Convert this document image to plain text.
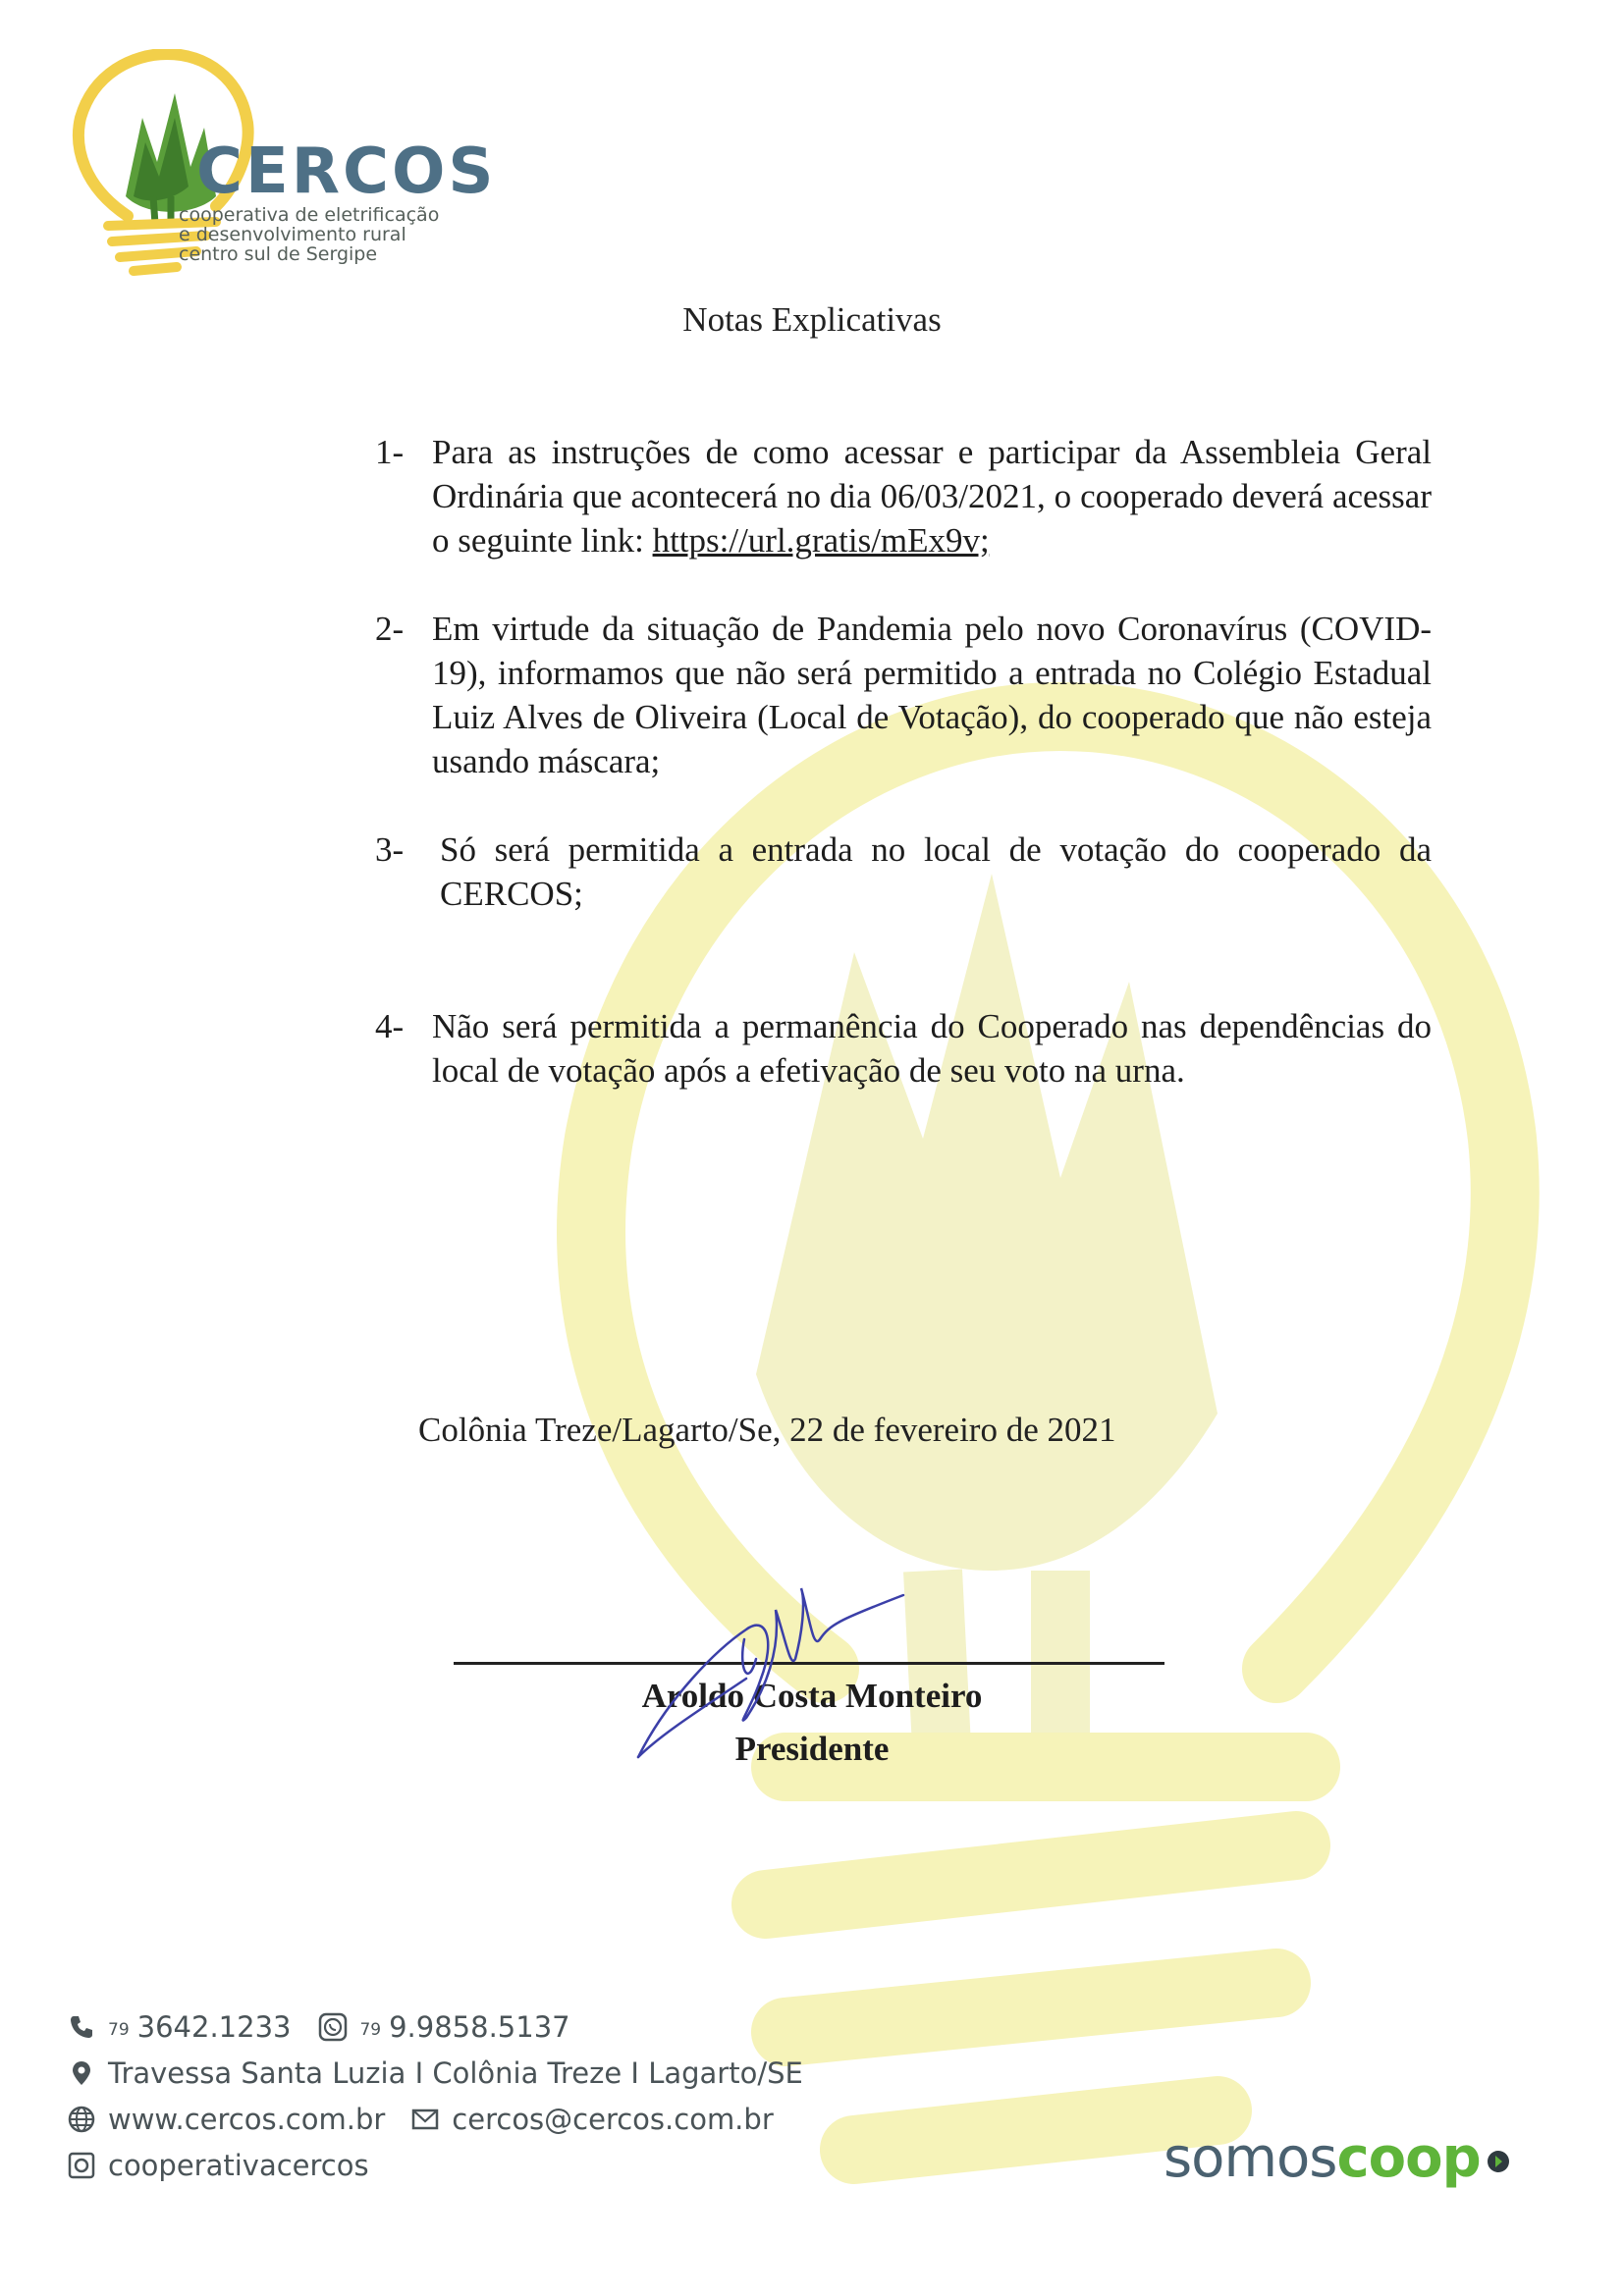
CERCOS
cooperativa de eletrificação
e desenvolvimento rural
centro sul de Sergipe
Notas Explicativas
1- Para as instruções de como acessar e participar da Assembleia Geral Ordinária que acontecerá no dia 06/03/2021, o cooperado deverá acessar o seguinte link: https://url.gratis/mEx9v;
2- Em virtude da situação de Pandemia pelo novo Coronavírus (COVID-19), informamos que não será permitido a entrada no Colégio Estadual Luiz Alves de Oliveira (Local de Votação), do cooperado que não esteja usando máscara;
3- Só será permitida a entrada no local de votação do cooperado da CERCOS;
4- Não será permitida a permanência do Cooperado nas dependências do local de votação após a efetivação de seu voto na urna.
Colônia Treze/Lagarto/Se, 22 de fevereiro de 2021
Aroldo Costa Monteiro
Presidente
79 3642.1233	79 9.9858.5137
Travessa Santa Luzia I Colônia Treze I Lagarto/SE
www.cercos.com.br cercos@cercos.com.br
cooperativacercos	somoscoop
